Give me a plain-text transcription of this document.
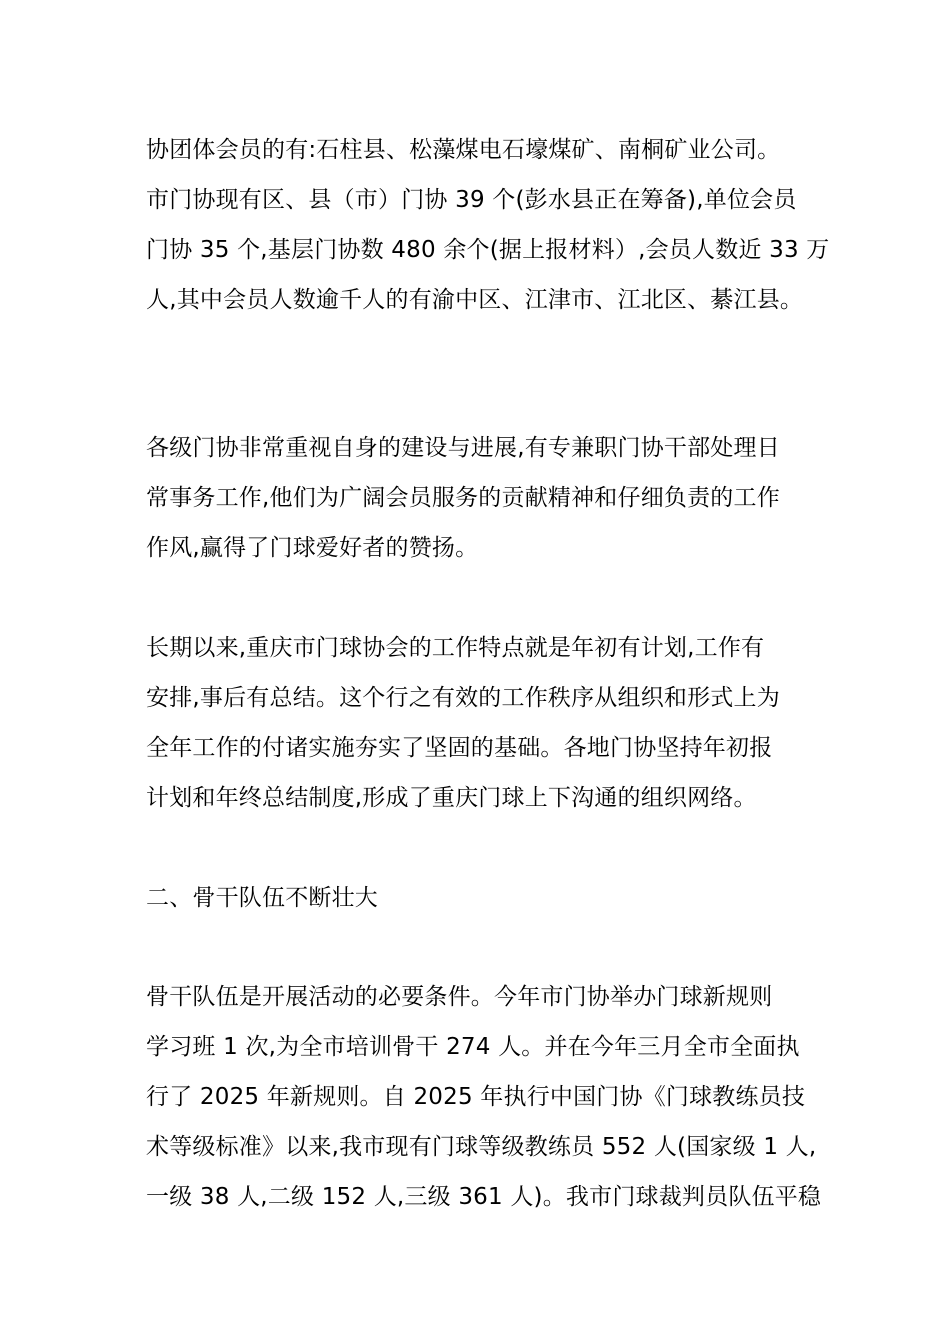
协团体会员的有:石柱县、松藻煤电石壕煤矿、南桐矿业公司。
市门协现有区、县（市）门协 39 个(彭水县正在筹备),单位会员
门协 35 个,基层门协数 480 余个(据上报材料）,会员人数近 33 万
人,其中会员人数逾千人的有渝中区、江津市、江北区、綦江县。
各级门协非常重视自身的建设与进展,有专兼职门协干部处理日
常事务工作,他们为广阔会员服务的贡献精神和仔细负责的工作
作风,赢得了门球爱好者的赞扬。
长期以来,重庆市门球协会的工作特点就是年初有计划,工作有
安排,事后有总结。这个行之有效的工作秩序从组织和形式上为
全年工作的付诸实施夯实了坚固的基础。各地门协坚持年初报
计划和年终总结制度,形成了重庆门球上下沟通的组织网络。
二、骨干队伍不断壮大
骨干队伍是开展活动的必要条件。今年市门协举办门球新规则
学习班 1 次,为全市培训骨干 274 人。并在今年三月全市全面执
行了 2025 年新规则。自 2025 年执行中国门协《门球教练员技
术等级标准》以来,我市现有门球等级教练员 552 人(国家级 1 人,
一级 38 人,二级 152 人,三级 361 人)。我市门球裁判员队伍平稳
